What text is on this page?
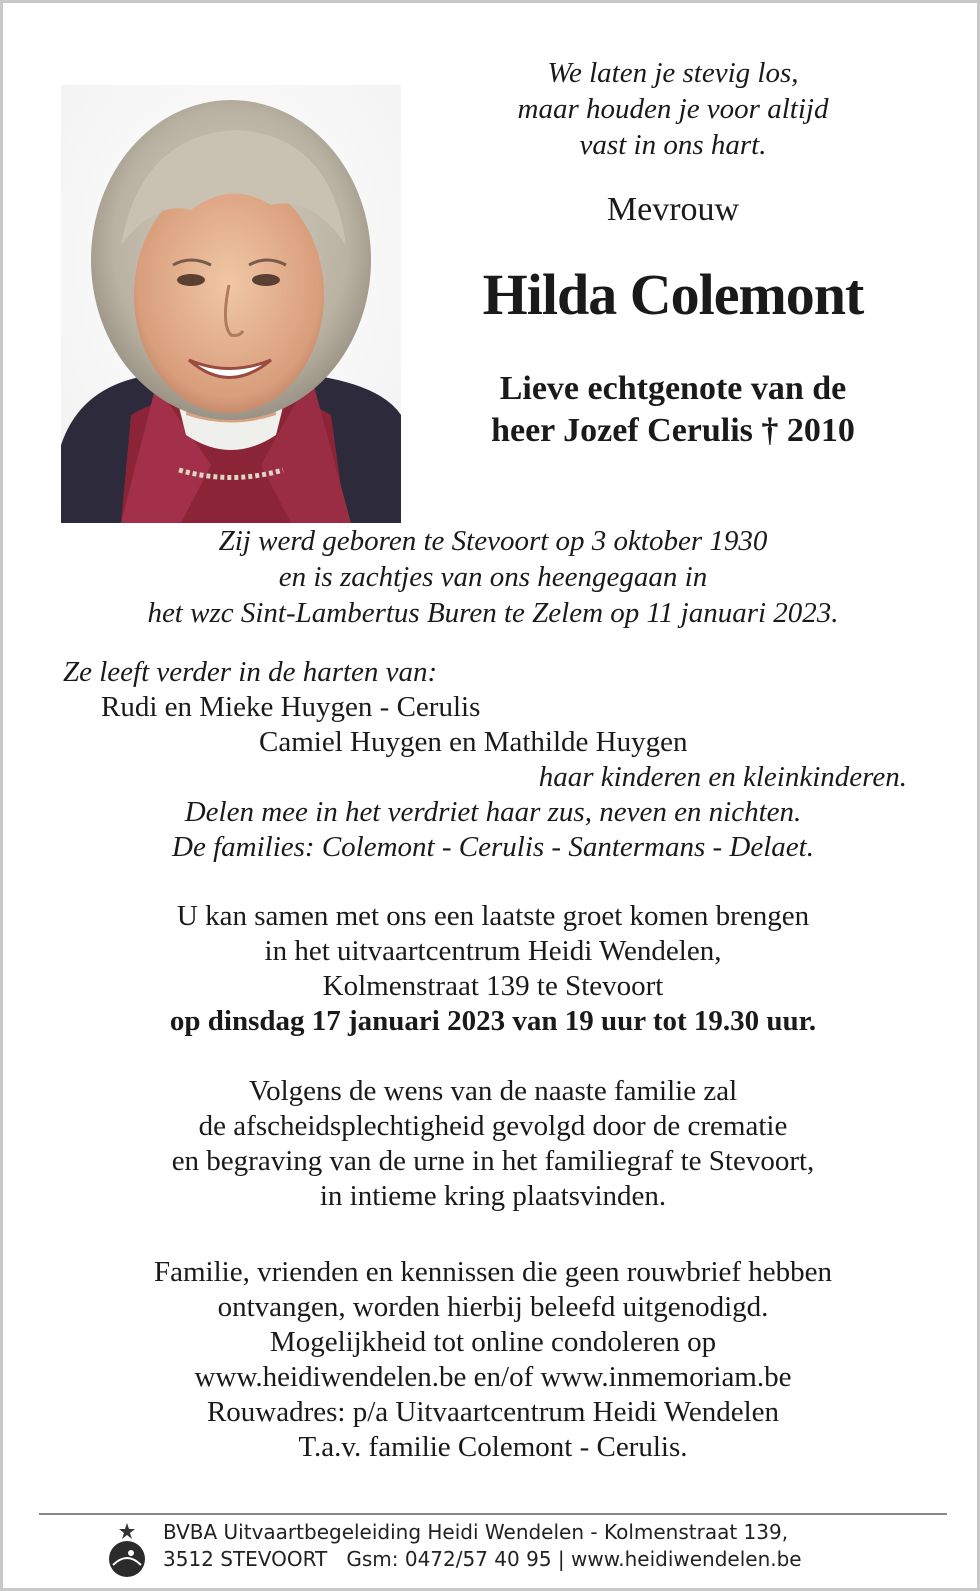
We laten je stevig los,
maar houden je voor altijd
vast in ons hart.
Mevrouw
Hilda Colemont
Lieve echtgenote van de
heer Jozef Cerulis † 2010
Zij werd geboren te Stevoort op 3 oktober 1930
en is zachtjes van ons heengegaan in
het wzc Sint-Lambertus Buren te Zelem op 11 januari 2023.
Ze leeft verder in de harten van:
Rudi en Mieke Huygen - Cerulis
Camiel Huygen en Mathilde Huygen
haar kinderen en kleinkinderen.
Delen mee in het verdriet haar zus, neven en nichten.
De families: Colemont - Cerulis - Santermans - Delaet.
U kan samen met ons een laatste groet komen brengen
in het uitvaartcentrum Heidi Wendelen,
Kolmenstraat 139 te Stevoort
op dinsdag 17 januari 2023 van 19 uur tot 19.30 uur.
Volgens de wens van de naaste familie zal
de afscheidsplechtigheid gevolgd door de crematie
en begraving van de urne in het familiegraf te Stevoort,
in intieme kring plaatsvinden.
Familie, vrienden en kennissen die geen rouwbrief hebben
ontvangen, worden hierbij beleefd uitgenodigd.
Mogelijkheid tot online condoleren op
www.heidiwendelen.be en/of www.inmemoriam.be
Rouwadres: p/a Uitvaartcentrum Heidi Wendelen
T.a.v. familie Colemont - Cerulis.
BVBA Uitvaartbegeleiding Heidi Wendelen - Kolmenstraat 139,
3512 STEVOORT   Gsm: 0472/57 40 95 | www.heidiwendelen.be
